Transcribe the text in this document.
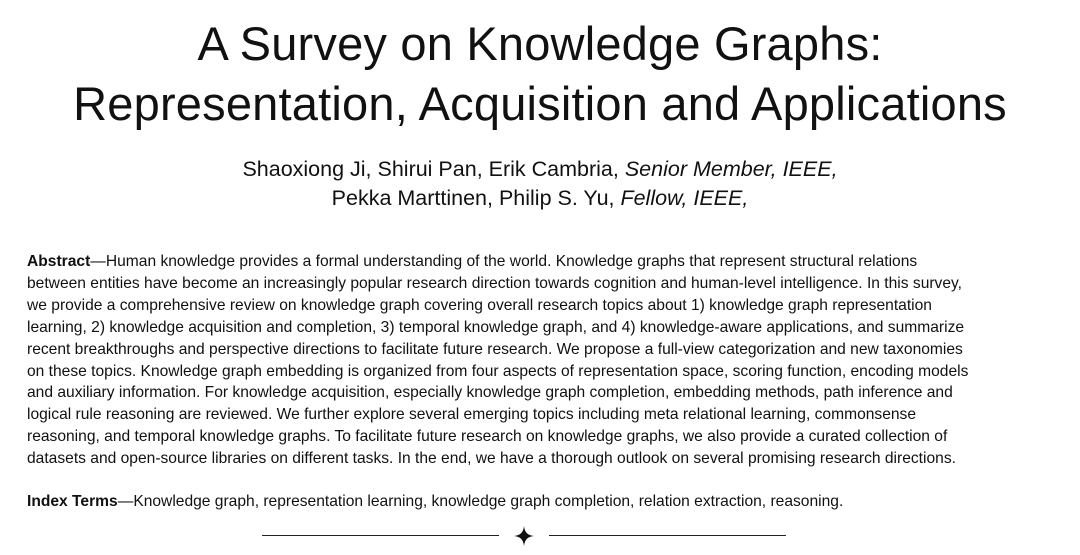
A Survey on Knowledge Graphs:
Representation, Acquisition and Applications
Shaoxiong Ji, Shirui Pan, Erik Cambria, Senior Member, IEEE,
Pekka Marttinen, Philip S. Yu, Fellow, IEEE,
Abstract—Human knowledge provides a formal understanding of the world. Knowledge graphs that represent structural relations
between entities have become an increasingly popular research direction towards cognition and human-level intelligence. In this survey,
we provide a comprehensive review on knowledge graph covering overall research topics about 1) knowledge graph representation
learning, 2) knowledge acquisition and completion, 3) temporal knowledge graph, and 4) knowledge-aware applications, and summarize
recent breakthroughs and perspective directions to facilitate future research. We propose a full-view categorization and new taxonomies
on these topics. Knowledge graph embedding is organized from four aspects of representation space, scoring function, encoding models
and auxiliary information. For knowledge acquisition, especially knowledge graph completion, embedding methods, path inference and
logical rule reasoning are reviewed. We further explore several emerging topics including meta relational learning, commonsense
reasoning, and temporal knowledge graphs. To facilitate future research on knowledge graphs, we also provide a curated collection of
datasets and open-source libraries on different tasks. In the end, we have a thorough outlook on several promising research directions.
Index Terms—Knowledge graph, representation learning, knowledge graph completion, relation extraction, reasoning.
